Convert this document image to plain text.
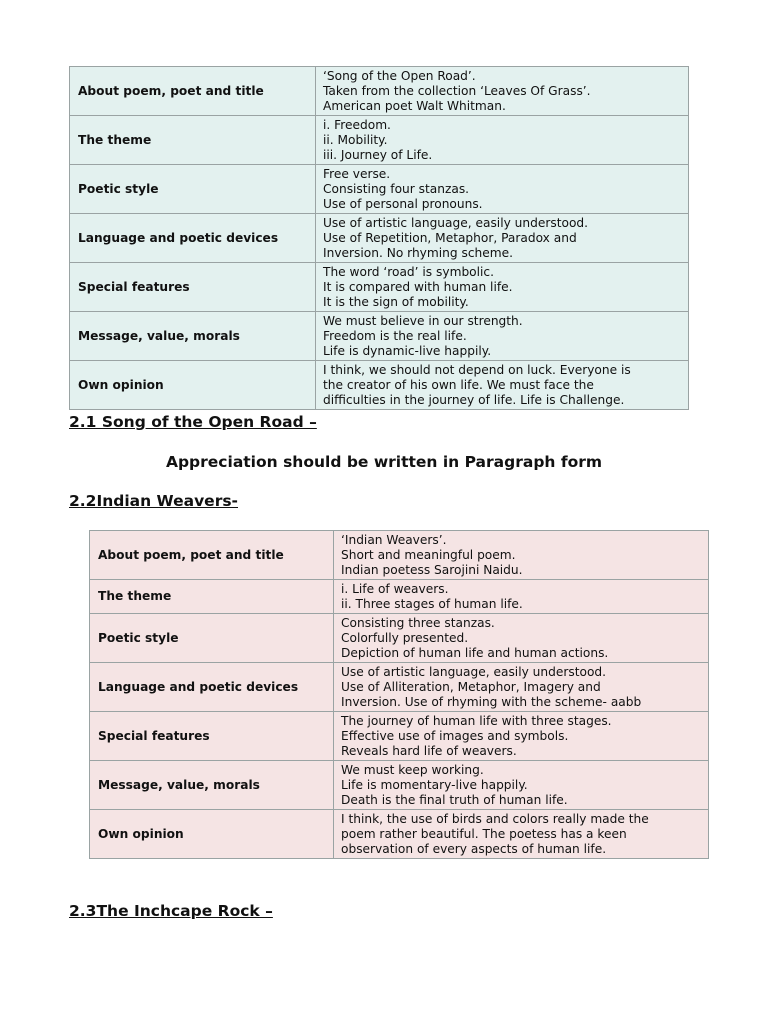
About poem, poet and title	‘Song of the Open Road’.
Taken from the collection ‘Leaves Of Grass’.
American poet Walt Whitman.

The theme	i. Freedom.
ii. Mobility.
iii. Journey of Life.

Poetic style	Free verse.
Consisting four stanzas.
Use of personal pronouns.

Language and poetic devices	Use of artistic language, easily understood.
Use of Repetition, Metaphor, Paradox and
Inversion. No rhyming scheme.

Special features	The word ‘road’ is symbolic.
It is compared with human life.
It is the sign of mobility.

Message, value, morals	We must believe in our strength.
Freedom is the real life.
Life is dynamic-live happily.

Own opinion	I think, we should not depend on luck. Everyone is
the creator of his own life. We must face the
difficulties in the journey of life. Life is Challenge.
2.1 Song of the Open Road –

Appreciation should be written in Paragraph form

2.2Indian Weavers-
About poem, poet and title	‘Indian Weavers’.
Short and meaningful poem.
Indian poetess Sarojini Naidu.

The theme	i. Life of weavers.
ii. Three stages of human life.

Poetic style	Consisting three stanzas.
Colorfully presented.
Depiction of human life and human actions.

Language and poetic devices	Use of artistic language, easily understood.
Use of Alliteration, Metaphor, Imagery and
Inversion. Use of rhyming with the scheme- aabb

Special features	The journey of human life with three stages.
Effective use of images and symbols.
Reveals hard life of weavers.

Message, value, morals	We must keep working.
Life is momentary-live happily.
Death is the final truth of human life.

Own opinion	I think, the use of birds and colors really made the
poem rather beautiful. The poetess has a keen
observation of every aspects of human life.
2.3The Inchcape Rock –
